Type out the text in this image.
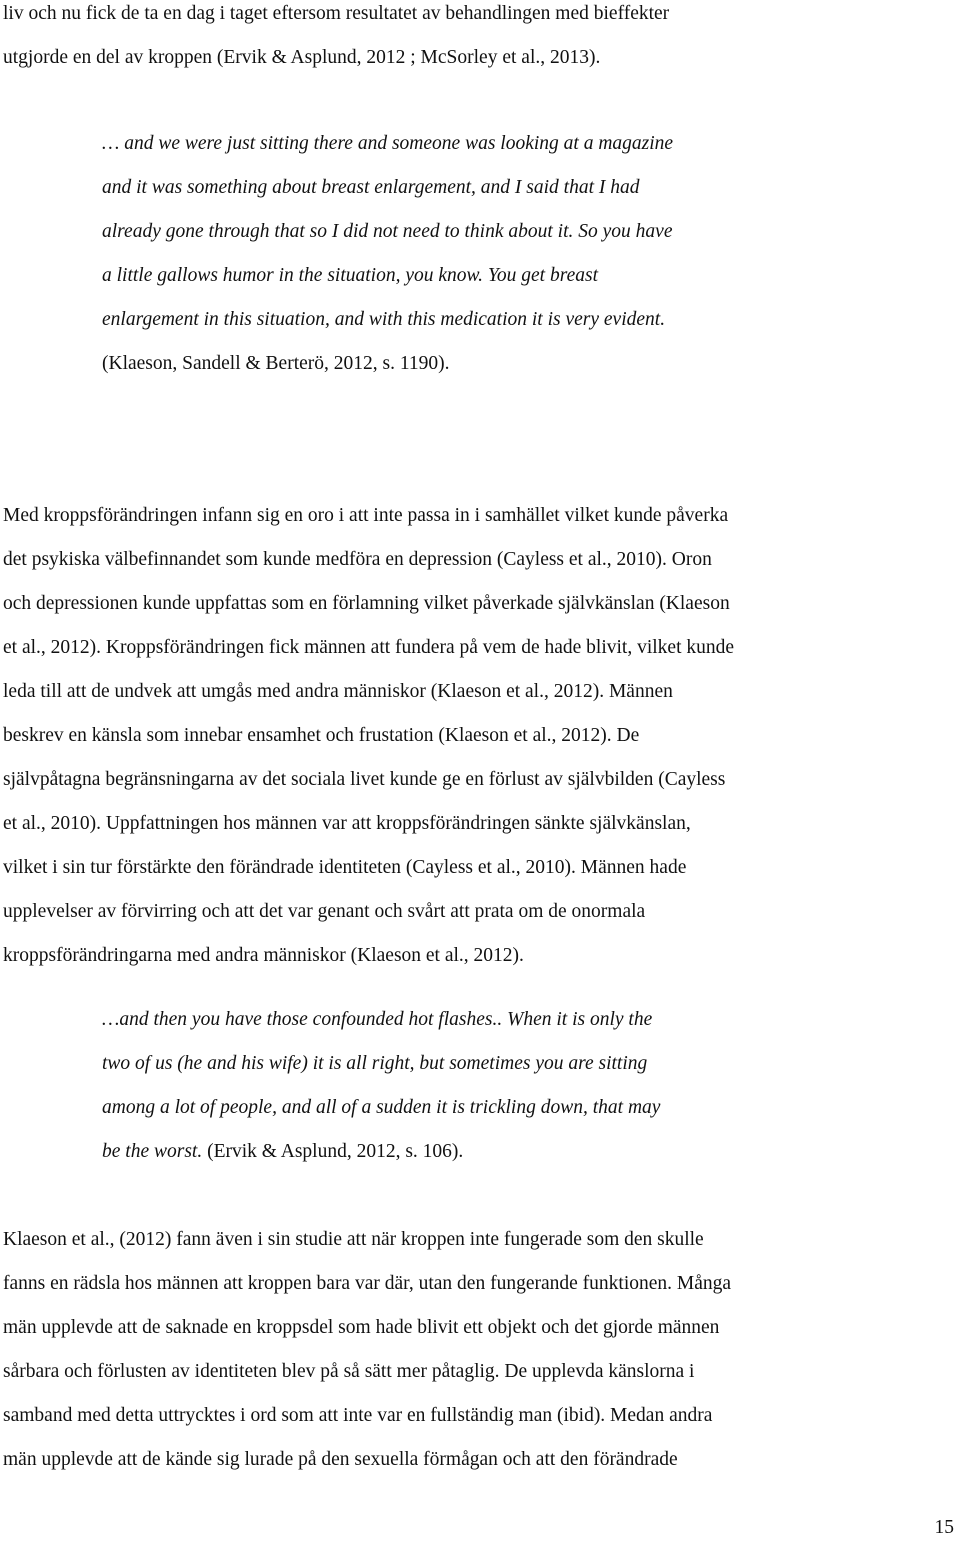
liv och nu fick de ta en dag i taget eftersom resultatet av behandlingen med bieffekter
utgjorde en del av kroppen (Ervik & Asplund, 2012 ; McSorley et al., 2013).

… and we were just sitting there and someone was looking at a magazine
and it was something about breast enlargement, and I said that I had
already gone through that so I did not need to think about it. So you have
a little gallows humor in the situation, you know. You get breast
enlargement in this situation, and with this medication it is very evident.
(Klaeson, Sandell & Berterö, 2012, s. 1190).

Med kroppsförändringen infann sig en oro i att inte passa in i samhället vilket kunde påverka
det psykiska välbefinnandet som kunde medföra en depression (Cayless et al., 2010). Oron
och depressionen kunde uppfattas som en förlamning vilket påverkade självkänslan (Klaeson
et al., 2012). Kroppsförändringen fick männen att fundera på vem de hade blivit, vilket kunde
leda till att de undvek att umgås med andra människor (Klaeson et al., 2012). Männen
beskrev en känsla som innebar ensamhet och frustation (Klaeson et al., 2012). De
självpåtagna begränsningarna av det sociala livet kunde ge en förlust av självbilden (Cayless
et al., 2010). Uppfattningen hos männen var att kroppsförändringen sänkte självkänslan,
vilket i sin tur förstärkte den förändrade identiteten (Cayless et al., 2010). Männen hade
upplevelser av förvirring och att det var genant och svårt att prata om de onormala
kroppsförändringarna med andra människor (Klaeson et al., 2012).

…and then you have those confounded hot flashes.. When it is only the
two of us (he and his wife) it is all right, but sometimes you are sitting
among a lot of people, and all of a sudden it is trickling down, that may
be the worst. (Ervik & Asplund, 2012, s. 106).

Klaeson et al., (2012) fann även i sin studie att när kroppen inte fungerade som den skulle
fanns en rädsla hos männen att kroppen bara var där, utan den fungerande funktionen. Många
män upplevde att de saknade en kroppsdel som hade blivit ett objekt och det gjorde männen
sårbara och förlusten av identiteten blev på så sätt mer påtaglig. De upplevda känslorna i
samband med detta uttrycktes i ord som att inte var en fullständig man (ibid). Medan andra
män upplevde att de kände sig lurade på den sexuella förmågan och att den förändrade

15
